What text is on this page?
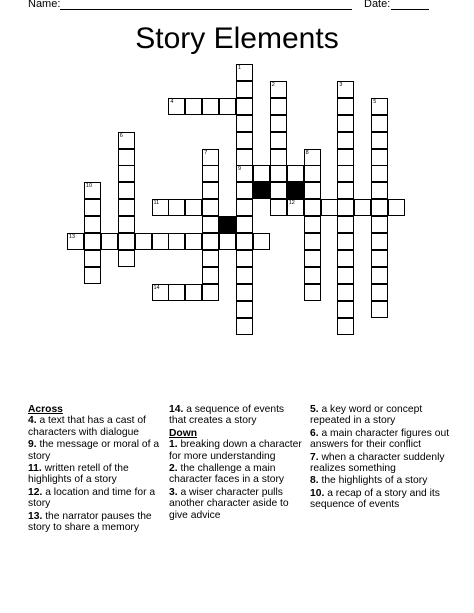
Name:	Date:
Story Elements
1
2	3
4	5
6
7	8
9
10
11	12
13
14
Across
4. a text that has a cast of characters with dialogue
9. the message or moral of a story
11. written retell of the highlights of a story
12. a location and time for a story
13. the narrator pauses the story to share a memory
14. a sequence of events that creates a story
Down
1. breaking down a character for more understanding
2. the challenge a main character faces in a story
3. a wiser character pulls another character aside to give advice
5. a key word or concept repeated in a story
6. a main character figures out answers for their conflict
7. when a character suddenly realizes something
8. the highlights of a story
10. a recap of a story and its sequence of events
